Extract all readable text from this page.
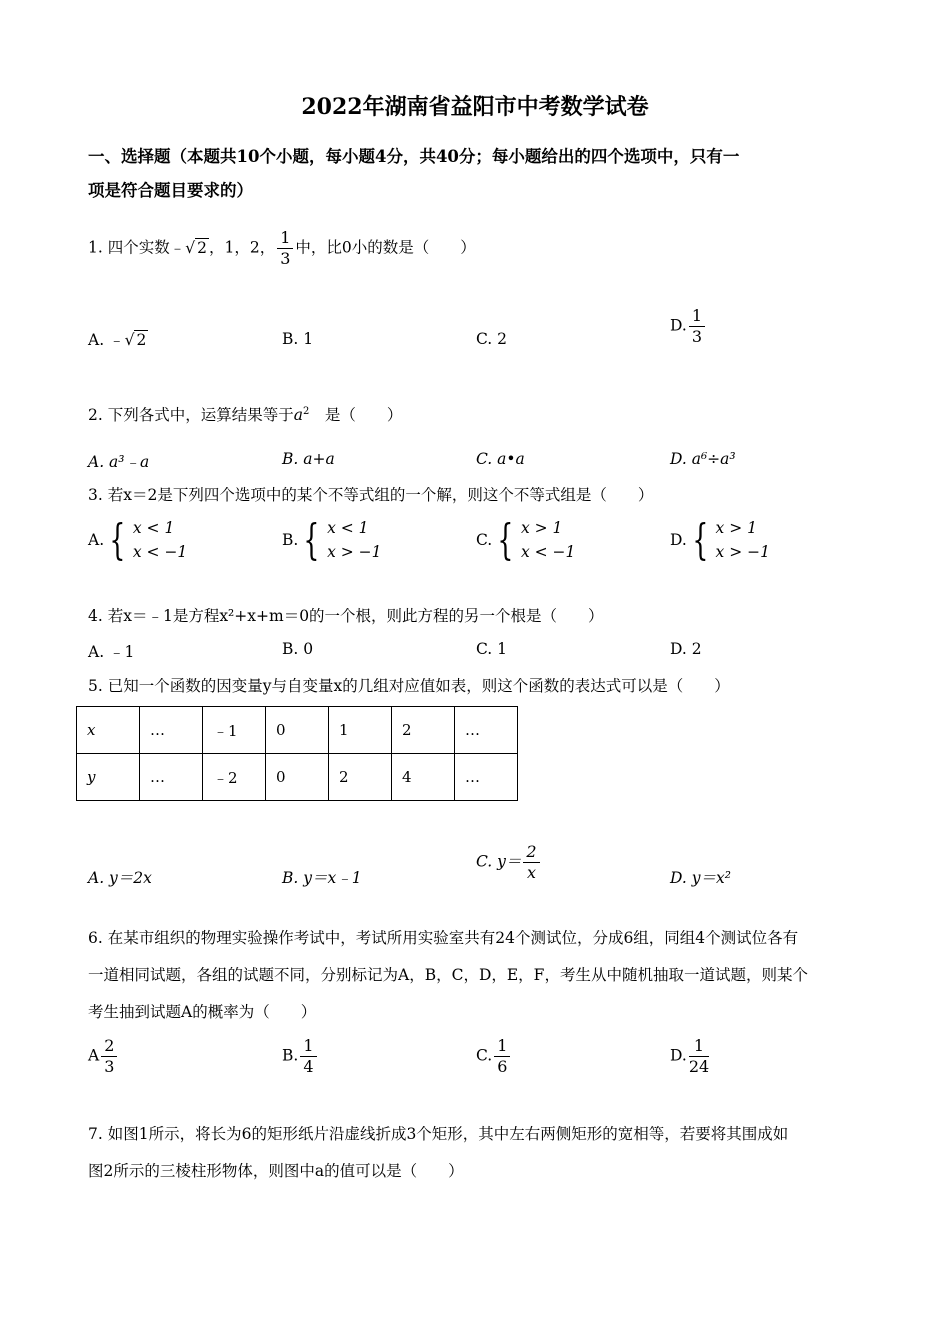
2022年湖南省益阳市中考数学试卷
一、选择题（本题共10个小题，每小题4分，共40分；每小题给出的四个选项中，只有一
项是符合题目要求的）
1. 四个实数﹣√ 2 ，1，2， $\frac{1}{3}$ 中，比0小的数是（　　）
A. ﹣√ 2	B. 1	C. 2
D. $\frac{1}{3}$
2. 下列各式中，运算结果等于$a^2$　 是（　　）
A. a³﹣a	B. a+a	C. a•a	D. a⁶÷a³
3. 若x＝2是下列四个选项中的某个不等式组的一个解，则这个不等式组是（　　）
A. { x < 1
x < −1
B. { x < 1
x > −1
C. { x > 1
x < −1
D. { x > 1
x > −1
4. 若x＝﹣1是方程x²+x+m＝0的一个根，则此方程的另一个根是（　　）
A. ﹣1	B. 0	C. 1	D. 2
5. 已知一个函数的因变量y与自变量x的几组对应值如表，则这个函数的表达式可以是（　　）
x	…	﹣1	0	1	2	…
y	…	﹣2	0	2	4	…
A. y＝2x	B. y＝x﹣1
C. $y= \frac{2}{x}$	D. y＝x²
6. 在某市组织的物理实验操作考试中，考试所用实验室共有24个测试位，分成6组，同组4个测试位各有
一道相同试题，各组的试题不同，分别标记为A，B，C，D，E，F，考生从中随机抽取一道试题，则某个
考生抽到试题A的概率为（　　）
A $\frac{2}{3}$	B. $\frac{1}{4}$	C. $\frac{1}{6}$	D. $\frac{1}{24}$
7. 如图1所示，将长为6的矩形纸片沿虚线折成3个矩形，其中左右两侧矩形的宽相等，若要将其围成如
图2所示的三棱柱形物体，则图中a的值可以是（　　）
